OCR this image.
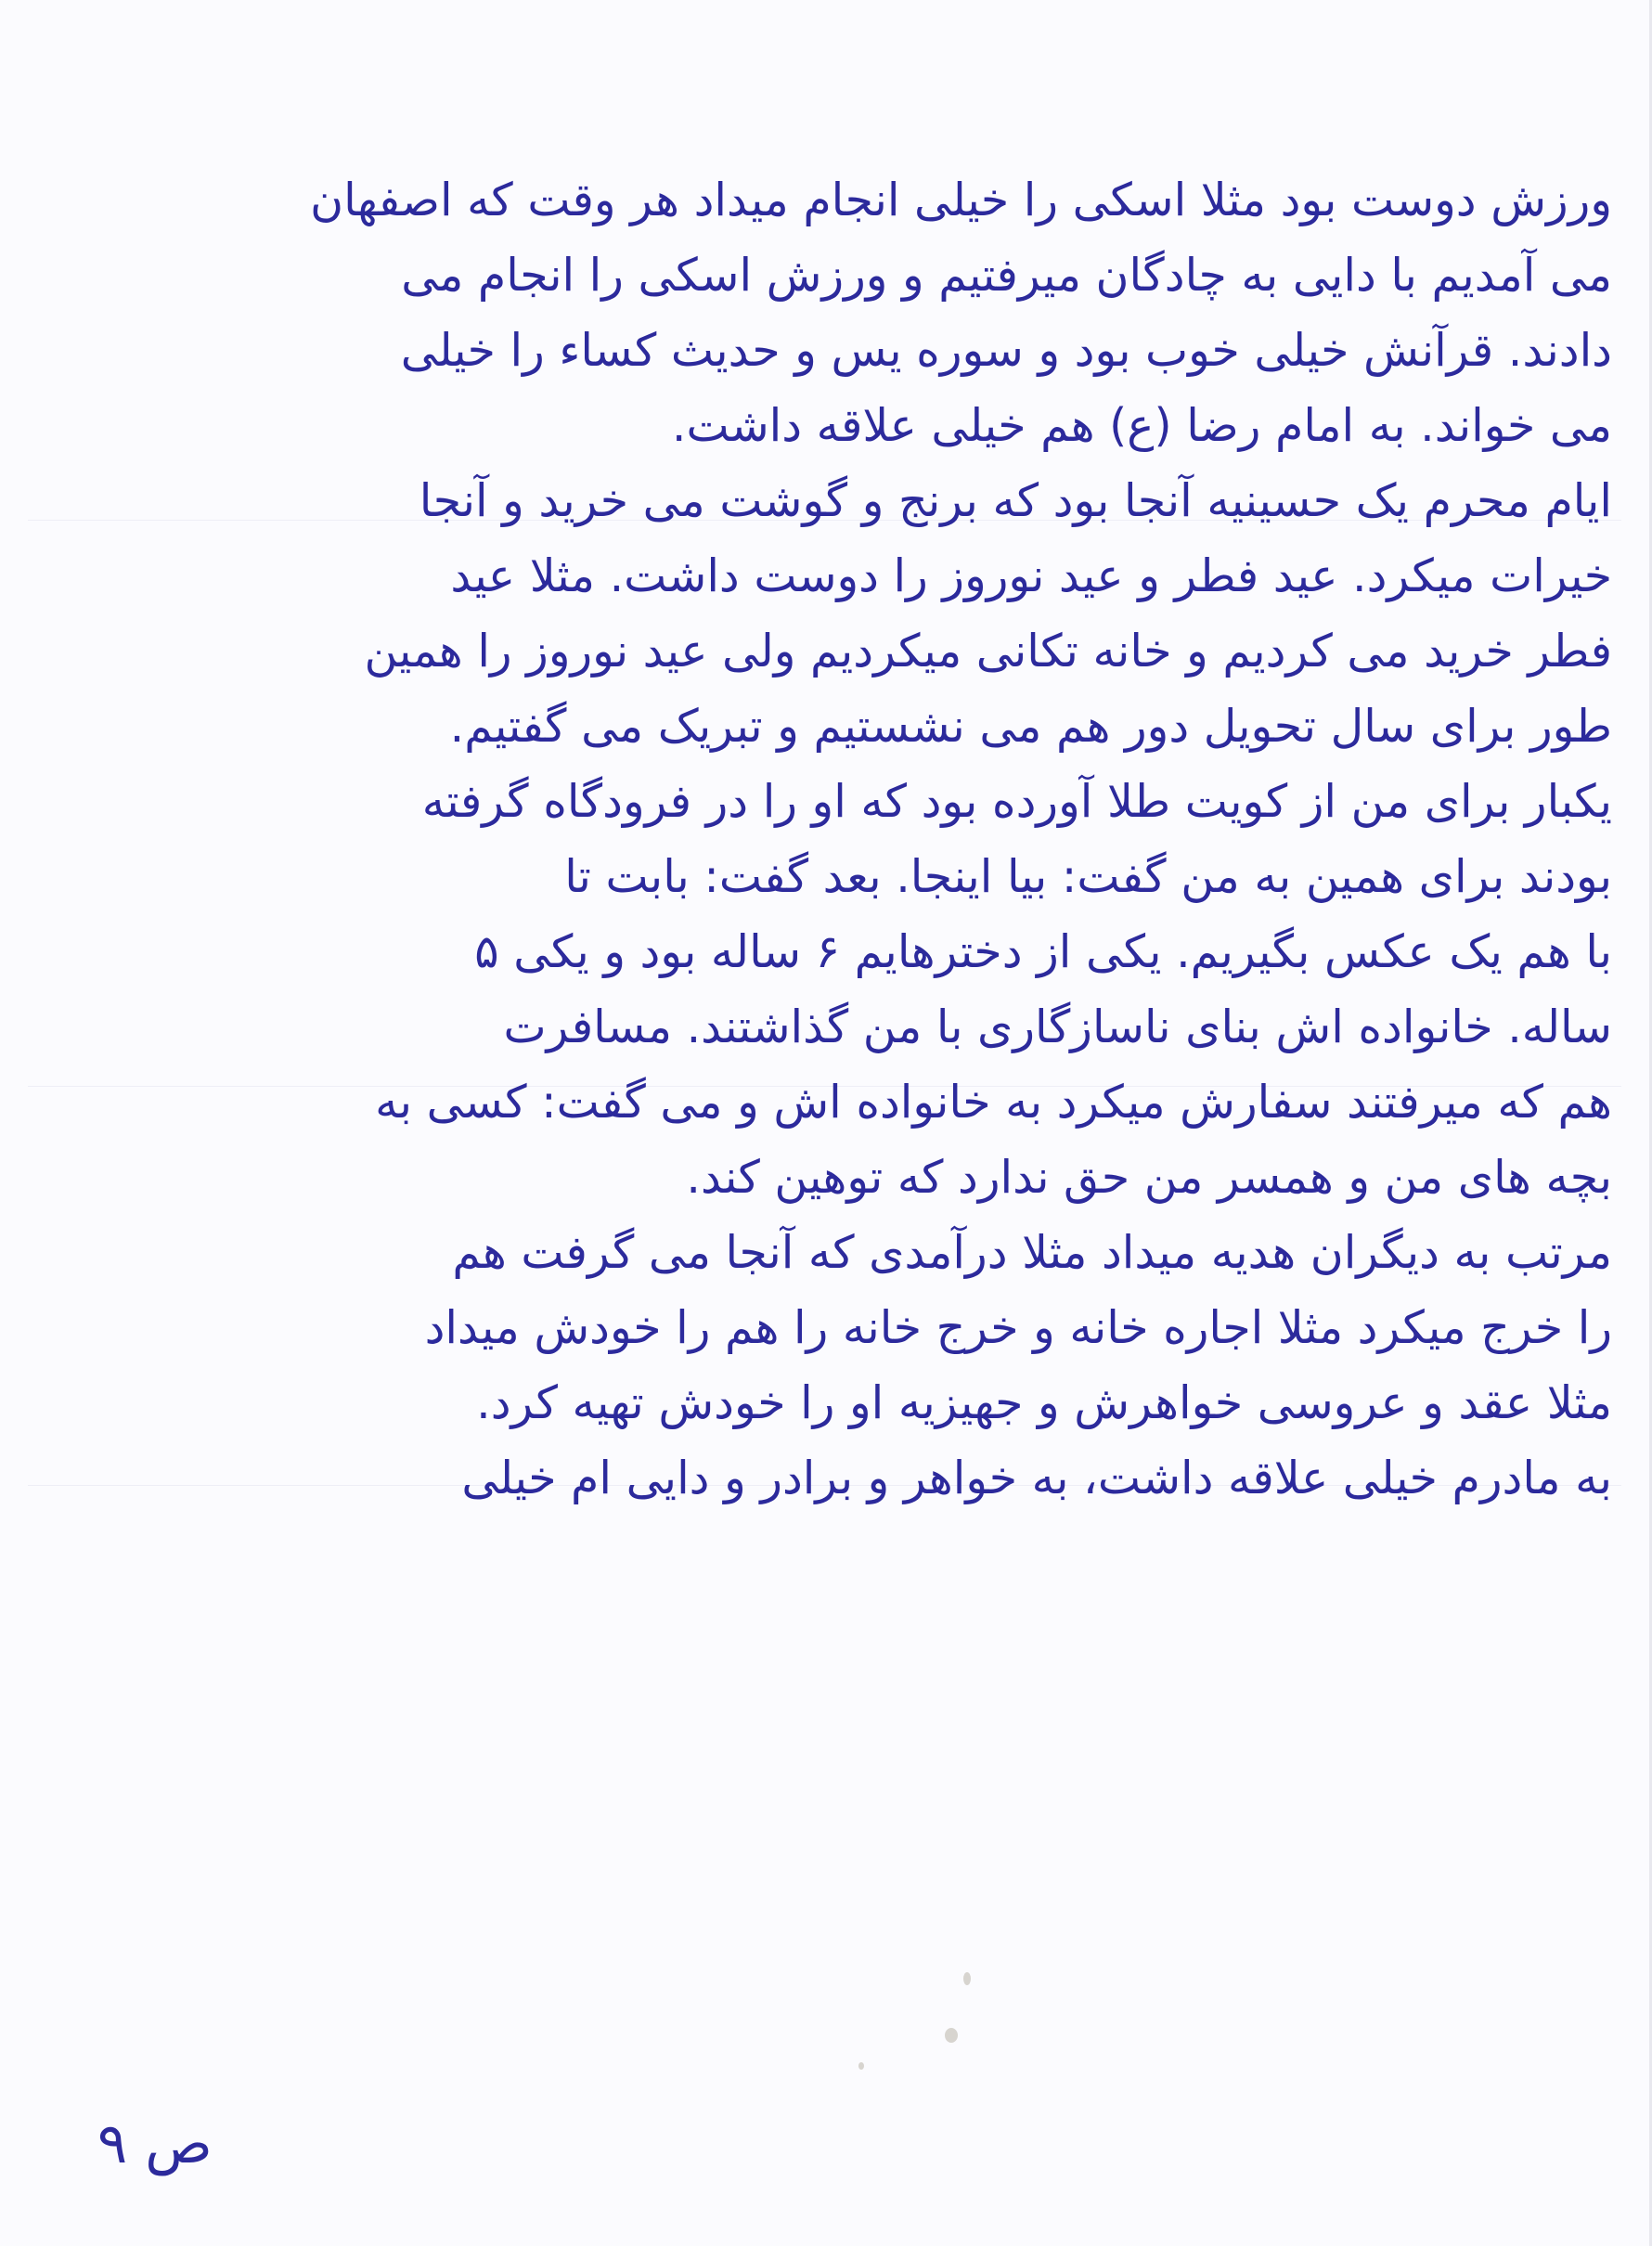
ورزش دوست بود مثلا اسکی را خیلی انجام میداد هر وقت که اصفهان
می آمدیم با دایی به چادگان میرفتیم و ورزش اسکی را انجام می
دادند. قرآنش خیلی خوب بود و سوره یس و حدیث کساء را خیلی
می خواند. به امام رضا (ع) هم خیلی علاقه داشت.
ایام محرم یک حسینیه آنجا بود که برنج و گوشت می خرید و آنجا
خیرات میکرد. عید فطر و عید نوروز را دوست داشت. مثلا عید
فطر خرید می کردیم و خانه تکانی میکردیم ولی عید نوروز را همین
طور برای سال تحویل دور هم می نشستیم و تبریک می گفتیم.
یکبار برای من از کویت طلا آورده بود که او را در فرودگاه گرفته
بودند برای همین به من گفت: بیا اینجا. بعد گفت: بابت تا
با هم یک عکس بگیریم. یکی از دخترهایم ۶ ساله بود و یکی ۵
ساله. خانواده اش بنای ناسازگاری با من گذاشتند. مسافرت
هم که میرفتند سفارش میکرد به خانواده اش و می گفت: کسی به
بچه های من و همسر من حق ندارد که توهین کند.
مرتب به دیگران هدیه میداد مثلا درآمدی که آنجا می گرفت هم
را خرج میکرد مثلا اجاره خانه و خرج خانه را هم را خودش میداد
مثلا عقد و عروسی خواهرش و جهیزیه او را خودش تهیه کرد.
به مادرم خیلی علاقه داشت، به خواهر و برادر و دایی ام خیلی
ص ۹
